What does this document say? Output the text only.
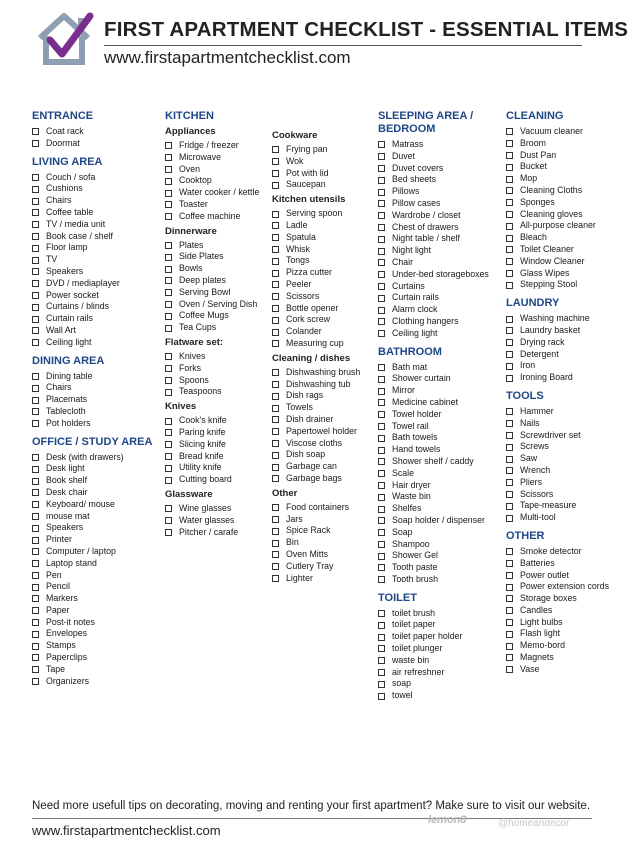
FIRST APARTMENT CHECKLIST - ESSENTIAL ITEMS
www.firstapartmentchecklist.com
ENTRANCE
Coat rack
Doormat
LIVING AREA
Couch / sofa
Cushions
Chairs
Coffee table
TV / media unit
Book case / shelf
Floor lamp
TV
Speakers
DVD / mediaplayer
Power socket
Curtains / blinds
Curtain rails
Wall Art
Ceiling light
DINING AREA
Dining table
Chairs
Placemats
Tablecloth
Pot holders
OFFICE / STUDY AREA
Desk (with drawers)
Desk light
Book shelf
Desk chair
Keyboard/ mouse
mouse mat
Speakers
Printer
Computer / laptop
Laptop stand
Pen
Pencil
Markers
Paper
Post-it notes
Envelopes
Stamps
Paperclips
Tape
Organizers
KITCHEN
Appliances
Fridge / freezer
Microwave
Oven
Cooktop
Water cooker / kettle
Toaster
Coffee machine
Dinnerware
Plates
Side Plates
Bowls
Deep plates
Serving Bowl
Oven / Serving Dish
Coffee Mugs
Tea Cups
Flatware set:
Knives
Forks
Spoons
Teaspoons
Knives
Cook's knife
Paring knife
Slicing knife
Bread knife
Utility knife
Cutting board
Glassware
Wine glasses
Water glasses
Pitcher / carafe
Cookware
Frying pan
Wok
Pot with lid
Saucepan
Kitchen utensils
Serving spoon
Ladle
Spatula
Whisk
Tongs
Pizza cutter
Peeler
Scissors
Bottle opener
Cork screw
Colander
Measuring cup
Cleaning / dishes
Dishwashing brush
Dishwashing tub
Dish rags
Towels
Dish drainer
Papertowel holder
Viscose cloths
Dish soap
Garbage can
Garbage bags
Other
Food containers
Jars
Spice Rack
Bin
Oven Mitts
Cutlery Tray
Lighter
SLEEPING AREA / BEDROOM
Matrass
Duvet
Duvet covers
Bed sheets
Pillows
Pillow cases
Wardrobe / closet
Chest of drawers
Night table / shelf
Night light
Chair
Under-bed storageboxes
Curtains
Curtain rails
Alarm clock
Clothing hangers
Ceiling light
BATHROOM
Bath mat
Shower curtain
Mirror
Medicine cabinet
Towel holder
Towel rail
Bath towels
Hand towels
Shower shelf / caddy
Scale
Hair dryer
Waste bin
Shelfes
Soap holder / dispenser
Soap
Shampoo
Shower Gel
Tooth paste
Tooth brush
TOILET
toilet brush
toilet paper
toilet paper holder
toilet plunger
waste bin
air refreshner
soap
towel
CLEANING
Vacuum cleaner
Broom
Dust Pan
Bucket
Mop
Cleaning Cloths
Sponges
Cleaning gloves
All-purpose cleaner
Bleach
Toilet Cleaner
Window Cleaner
Glass Wipes
Stepping Stool
LAUNDRY
Washing machine
Laundry basket
Drying rack
Detergent
Iron
Ironing Board
TOOLS
Hammer
Nails
Screwdriver set
Screws
Saw
Wrench
Pliers
Scissors
Tape-measure
Multi-tool
OTHER
Smoke detector
Batteries
Power outlet
Power extension cords
Storage boxes
Candles
Light bulbs
Flash light
Memo-bord
Magnets
Vase
Need more usefull tips on decorating, moving and renting your first apartment? Make sure to visit our website.
www.firstapartmentchecklist.com
lemon8	@homeandecor
